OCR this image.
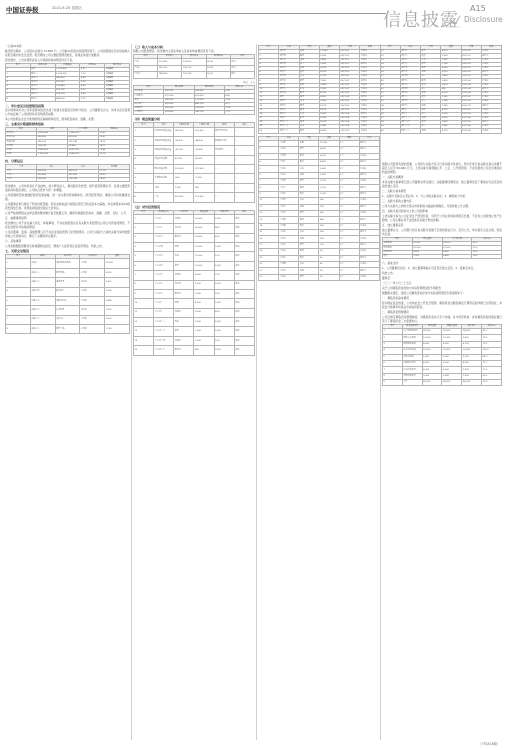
中国证券报	2021.6.25 星期五
信息披露
A15
Disclosure
（上接A14版）
截至报告期末，公司股东总数为 73,508 户。公司前10名股东持股情况如下，公司控股股东及实际控制人在报告期内未发生变更。报告期内公司主要经营情况稳定，各项业务按计划推进。
报告期内，公司实现营业收入与利润的具体情况详见下表。
序号	股东名称	持股数量	比例(%)	股份性质
1	股东一	1,215,600	8.01	流通A股
2	股东二	1,142,500	7.52	流通A股
3	股东三	986,300	6.49	流通A股
4	股东四	812,050	5.35	流通A股
5	股东五	706,440	4.65	流通A股
6	股东六	655,100	4.31	流通A股
7	股东七	590,200	3.89	流通A股
8	股东八	488,000	3.21	流通A股
二、审计意见及经营情况说明
会计师事务所对公司年度财务报表出具了标准无保留意见的审计报告。公司董事会认为，该审计意见客观公允地反映了公司的财务状况和经营成果。
本公司按照企业会计准则的规定编制财务报表，财务报表真实、准确、完整。
三、主要会计数据和财务指标
项目	本期	上年同期	增减(%)
营业收入	1,235,660	1,106,520	11.67
营业成本	905,800	820,410	10.41
利润总额	156,200	131,540	18.75
净利润	118,330	99,680	18.71
总资产	3,560,900	3,212,700	10.84
净资产	1,760,300	1,598,200	10.14
四、分部信息
分部	收入	成本	毛利率
分部一	526,300	380,100	27.78
分部二	412,800	301,660	26.92
分部三	296,560	224,040	24.45
报告期内，公司持续优化产品结构，加大研发投入，推进数字化转型，提升经营管理水平。各项主要经营指标保持稳定增长，公司综合竞争力进一步增强。
公司将继续坚持稳健经营的发展战略，进一步完善内部控制体系，防范经营风险，确保公司持续健康发展。
公司董事会审议通过了利润分配预案，拟以实施权益分派股权登记日的总股本为基数，向全体股东每10股派发现金红利。该预案尚需提交股东大会审议。
公司严格按照相关法律法规的要求履行信息披露义务，确保所披露信息真实、准确、完整、及时、公平。
五、重要事项说明
报告期内公司不存在重大诉讼、仲裁事项，不存在控股股东及其关联方非经营性占用公司资金的情况，不存在违规对外担保的情况。
公司及董事、监事、高级管理人员不存在受到监管部门处罚的情况。公司与关联方之间的关联交易均按照市场公允价格进行，履行了必要的审议程序。
六、其他事项
公司将根据监管要求及时披露相关信息，敬请广大投资者注意投资风险。特此公告。
七、关联交易情况
序号	关联方	交易内容	定价原则	金额
1	关联方一	采购商品及服务	市场价	12,560
2	关联方二	销售商品	市场价	8,320
3	关联方三	提供劳务	协议价	5,410
4	关联方四	租赁资产	市场价	3,260
5	关联方五	采购原材料	市场价	2,880
6	关联方六	技术服务	协议价	1,950
7	关联方七	委托加工	市场价	1,420
8	关联方八	销售产品	市场价	1,130
（三）收入与成本分析
根据公司经营情况，报告期内主营业务收入及成本构成情况详见下表。
项目	营业收入	营业成本	毛利率(%)	同比
产品一	312,600	228,410	26.93	增加
产品二	265,300	196,720	25.85	增加
产品三	188,400	141,300	25.00	减少
单位：万元
项目	期末余额	期初余额	变动(%)
货币资金	326,500	298,400	9.42
应收账款	215,300	201,600	6.80
存货	186,200	172,900	7.69
固定资产	902,600	866,100	4.21
短期借款	150,000	165,000	-9.09
应付账款	203,400	188,700	7.79
（四）现金流量分析
序号	项目	本期发生额	上期发生额	说明	备注
1	经营活动现金流量	185,600	162,300	销售回款增加	—
2	投资活动现金流量	-96,300	-88,400	购建固定资产	—
3	筹资活动现金流量	-42,100	-35,600	偿还借款	—
4	现金净增加额	47,200	38,300	—	—
5	期末现金余额	326,500	279,300	—	—
6	汇率变动影响	-600	-1,200	—	—
7	其他	1,200	900	—	—
8	合计	326,500	279,300	—	—
（五）对外投资情况
序号	被投资单位	主营业务	投资金额	持股比例	备注
1	子公司一	制造业	50,000	100%	新设
2	子公司二	贸易业	30,000	80%	增资
3	子公司三	服务业	20,000	60%	新设
4	子公司四	研发	15,000	100%	新设
5	子公司五	物流	12,000	51%	收购
6	子公司六	销售	10,000	100%	新设
7	子公司七	制造业	8,000	70%	增资
8	子公司八	贸易业	6,000	100%	新设
9	子公司九	服务业	5,000	55%	新设
10	子公司十	研发	4,000	100%	新设
11	子公司十一	制造业	3,000	65%	收购
12	子公司十二	物流	2,000	100%	新设
13	子公司十三	销售	1,500	100%	新设
14	子公司十四	制造业	1,000	51%	新设
15	子公司十五	服务业	800	100%	新设
序号	名称	类别	金额	日期	说明	序号	名称	类别	金额	日期	说明
1	项目甲	采购	12,560	2021-01	已完成	21	项目乙	销售	8,320	2021-02	已完成
2	项目丙	服务	5,410	2021-01	已完成	22	项目丁	租赁	3,260	2021-02	进行中
3	项目戊	采购	2,880	2021-01	已完成	23	项目己	技术	1,950	2021-02	已完成
4	项目庚	加工	1,420	2021-01	进行中	24	项目辛	销售	1,130	2021-03	已完成
5	项目壬	采购	9,870	2021-01	已完成	25	项目癸	服务	6,540	2021-03	已完成
6	项目子	租赁	4,320	2021-02	已完成	26	项目丑	采购	3,210	2021-03	进行中
7	项目寅	技术	2,750	2021-02	已完成	27	项目卯	加工	1,890	2021-03	已完成
8	项目辰	销售	7,650	2021-02	进行中	28	项目巳	服务	5,430	2021-04	已完成
9	项目午	采购	3,980	2021-02	已完成	29	项目未	租赁	2,670	2021-04	已完成
10	项目申	技术	1,560	2021-02	已完成	30	项目酉	加工	980	2021-04	进行中
11	项目戌	销售	8,760	2021-03	已完成	31	项目亥	采购	6,210	2021-04	已完成
12	项目一	服务	4,650	2021-03	进行中	32	项目二	租赁	3,140	2021-05	已完成
13	项目三	技术	2,430	2021-03	已完成	33	项目四	加工	1,760	2021-05	已完成
14	项目五	销售	9,120	2021-03	已完成	34	项目六	采购	7,340	2021-05	进行中
15	项目七	服务	5,870	2021-03	已完成	35	项目八	租赁	4,210	2021-05	已完成
16	项目九	技术	3,090	2021-04	进行中	36	项目十	加工	2,150	2021-06	已完成
17	项目十一	销售	6,780	2021-04	已完成	37	项目十二	采购	5,320	2021-06	已完成
18	项目十三	服务	4,010	2021-04	已完成	38	项目十四	租赁	2,890	2021-06	进行中
19	项目十五	技术	1,980	2021-04	已完成	39	项目十六	加工	1,340	2021-06	已完成
20	项目十七	销售	8,450	2021-05	已完成	40	项目十八	采购	6,120	2021-06	已完成
序号	名称	类型	金额	期限	状态
1	合同甲	采购	12,000	1年	履行中
2	合同乙	销售	8,500	2年	履行中
3	合同丙	服务	6,200	1年	已完成
4	合同丁	租赁	4,800	3年	履行中
5	合同戊	技术	3,600	1年	已完成
6	合同己	采购	2,900	2年	履行中
7	合同庚	销售	2,100	1年	已完成
8	合同辛	服务	1,700	1年	履行中
9	合同壬	租赁	1,300	2年	履行中
10	合同癸	技术	900	1年	已完成
11	合同子	采购	750	1年	履行中
12	合同丑	销售	620	1年	已完成
13	合同寅	服务	480	1年	履行中
14	合同卯	租赁	350	1年	已完成
15	合同辰	技术	260	1年	履行中
16	合同巳	采购	180	1年	已完成
17	合同午	销售	120	1年	履行中
18	合同未	服务	90	1年	已完成
19	合同申	租赁	60	1年	履行中
20	合同酉	技术	40	1年	已完成
21	合同戌	采购	30	1年	履行中
22	合同亥	销售	20	1年	已完成
根据公司经营发展的需要，公司拟与关联方签订日常关联交易协议，预计年度日常关联交易总金额不超过人民币 50,000 万元。上述关联交易遵循公平、公正、公开的原则，不存在损害公司及全体股东利益的情形。
一、关联交易概述
本次关联交易事项已经公司董事会审议通过，关联董事回避表决，独立董事发表了事前认可意见及同意的独立意见。
二、关联方基本情况
1、关联方名称及主营业务；2、与公司的关联关系；3、履约能力分析。
三、关联交易的主要内容
公司与关联方之间的交易以市场价格为基础协商确定，交易价格公允合理。
四、关联交易目的和对上市公司的影响
上述关联交易为公司正常生产经营所需，有利于公司业务的持续稳定发展，不会对公司的独立性产生影响，公司主要业务不会因此对关联方形成依赖。
五、独立董事意见
独立董事认为，公司预计的日常关联交易属于正常的商业行为，定价公允，审议程序合法合规，同意该议案。
项目	预计金额	上年发生额	占比(%)
采购商品	20,000	16,500	40.0
销售商品	15,000	12,300	30.0
提供劳务	8,000	6,400	16.0
租赁	7,000	5,800	14.0
六、备查文件
1、公司董事会决议；2、独立董事事前认可意见及独立意见；3、监事会决议。
特此公告。
董事会
二〇二一年六月二十五日
关于公司募集资金存放与实际使用情况的专项报告
根据相关规定，现将公司募集资金存放与实际使用情况专项说明如下：
一、募集资金基本情况
经中国证监会核准，公司向社会公开发行股票，募集资金总额扣除发行费用后的净额已全部到位，并经会计师事务所验证出具验资报告。
二、募集资金管理情况
公司已制定募集资金管理制度，对募集资金实行专户存储，并与保荐机构、存放募集资金的商业银行签订了募集资金三方监管协议。
序号	承诺投资项目	承诺金额	调整后金额	累计投入	进度(%)
1	生产线建设项目	35,000	35,000	28,600	81.7
2	研发中心建设	12,000	12,000	9,400	78.3
3	营销网络建设	8,000	8,000	6,100	76.3
4	补充流动资金	10,000	10,000	10,000	100.0
5	信息化建设	5,000	5,000	3,200	64.0
6	仓储物流项目	6,000	6,000	4,300	71.7
7	技术改造项目	4,000	4,000	2,800	70.0
8	节能环保项目	3,000	3,000	1,900	63.3
9	合计	83,000	83,000	66,300	79.9
（下转A16版）
